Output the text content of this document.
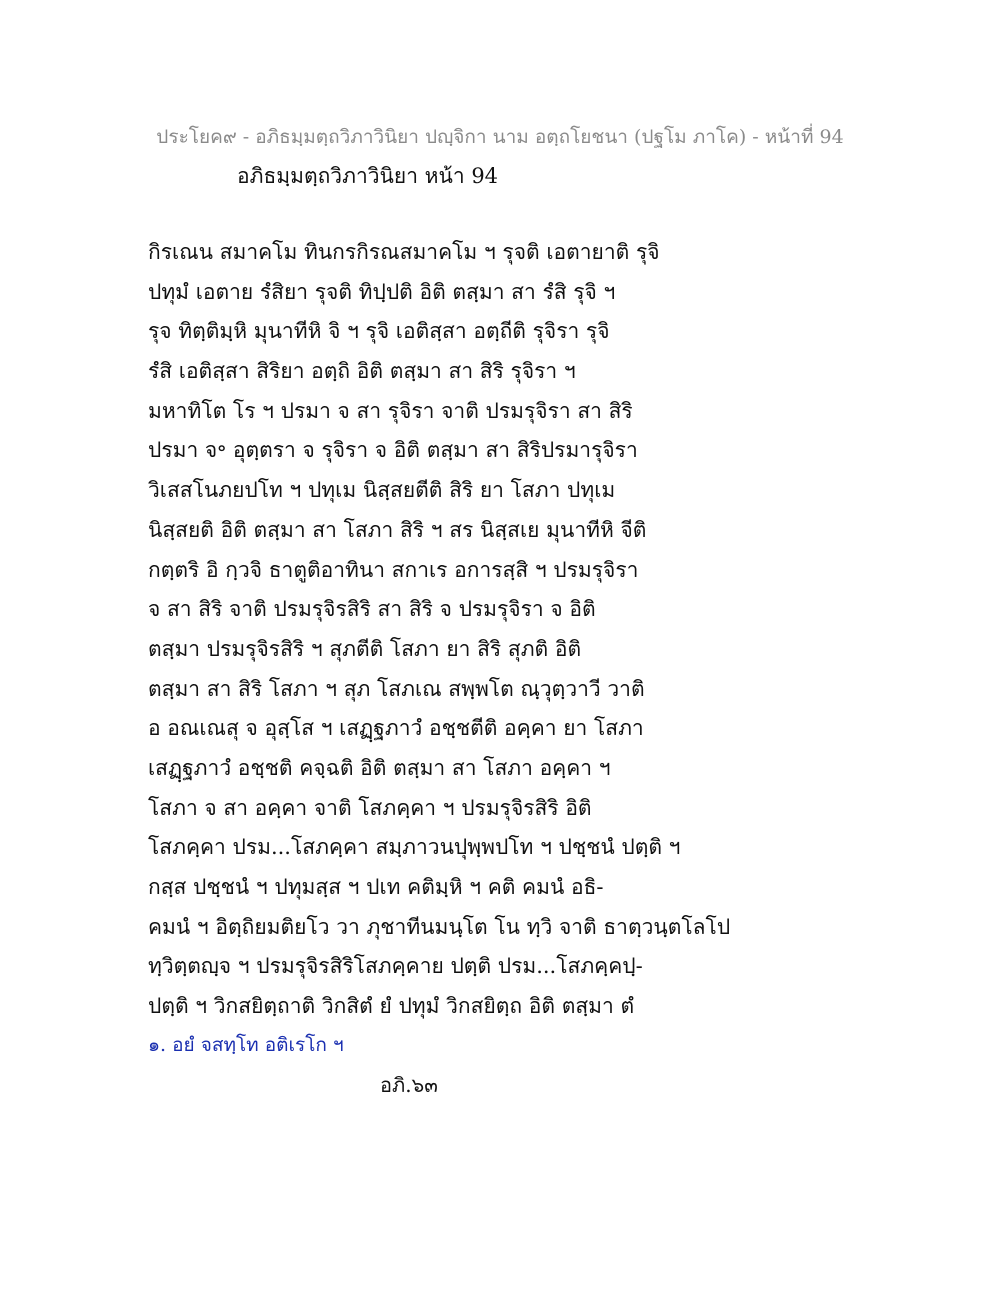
ประโยค๙ - อภิธมฺมตฺถวิภาวินิยา ปญฺจิกา นาม อตฺถโยชนา (ปฐโม ภาโค) - หน้าที่ 94
อภิธมฺมตฺถวิภาวินิยา หน้า 94
กิรเณน สมาคโม ทินกรกิรณสมาคโม ฯ รุจติ เอตายาติ รุจิ
ปทุมํ เอตาย รํสิยา รุจติ ทิปฺปติ อิติ ตสฺมา สา รํสิ รุจิ ฯ
รุจ ทิตฺติมฺหิ มุนาทีหิ จิ ฯ รุจิ เอติสฺสา อตฺถีติ รุจิรา รุจิ
รํสิ เอติสฺสา สิริยา อตฺถิ อิติ ตสฺมา สา สิริ รุจิรา ฯ
มหาทิโต โร ฯ ปรมา จ สา รุจิรา จาติ ปรมรุจิรา สา สิริ
ปรมา จ॰ อุตฺตรา จ รุจิรา จ อิติ ตสฺมา สา สิริปรมารุจิรา
วิเสสโนภยปโท ฯ ปทุเม นิสฺสยตีติ สิริ ยา โสภา ปทุเม
นิสฺสยติ อิติ ตสฺมา สา โสภา สิริ ฯ สร นิสฺสเย มุนาทีหิ จีติ
กตฺตริ อิ กฺวจิ ธาตูติอาทินา สกาเร อการสฺสิ ฯ ปรมรุจิรา
จ สา สิริ จาติ ปรมรุจิรสิริ สา สิริ จ ปรมรุจิรา จ อิติ
ตสฺมา ปรมรุจิรสิริ ฯ สุภตีติ โสภา ยา สิริ สุภติ อิติ
ตสฺมา สา สิริ โสภา ฯ สุภ โสภเณ สพฺพโต ณฺวุตฺวาวี วาติ
อ อณเณสุ จ อุสฺโส ฯ เสฏฺฐภาวํ อชฺชตีติ อคฺคา ยา โสภา
เสฏฺฐภาวํ อชฺชติ คจฺฉติ อิติ ตสฺมา สา โสภา อคฺคา ฯ
โสภา จ สา อคฺคา จาติ โสภคฺคา ฯ ปรมรุจิรสิริ อิติ
โสภคฺคา ปรม...โสภคฺคา สมฺภาวนปุพฺพปโท ฯ ปชฺชนํ ปตฺติ ฯ
กสฺส ปชฺชนํ ฯ ปทุมสฺส ฯ ปเท คติมฺหิ ฯ คติ คมนํ อธิ-
คมนํ ฯ อิตฺถิยมติยโว วา ภุชาทีนมนฺโต โน ทฺวิ จาติ ธาตฺวนฺตโลโป
ทฺวิตฺตญฺจ ฯ ปรมรุจิรสิริโสภคฺคาย ปตฺติ ปรม...โสภคฺคปฺ-
ปตฺติ ฯ วิกสยิตฺถาติ วิกสิตํ ยํ ปทุมํ วิกสยิตฺถ อิติ ตสฺมา ตํ
๑. อยํ จสทฺโท อติเรโก ฯ
อภิ.๖๓
